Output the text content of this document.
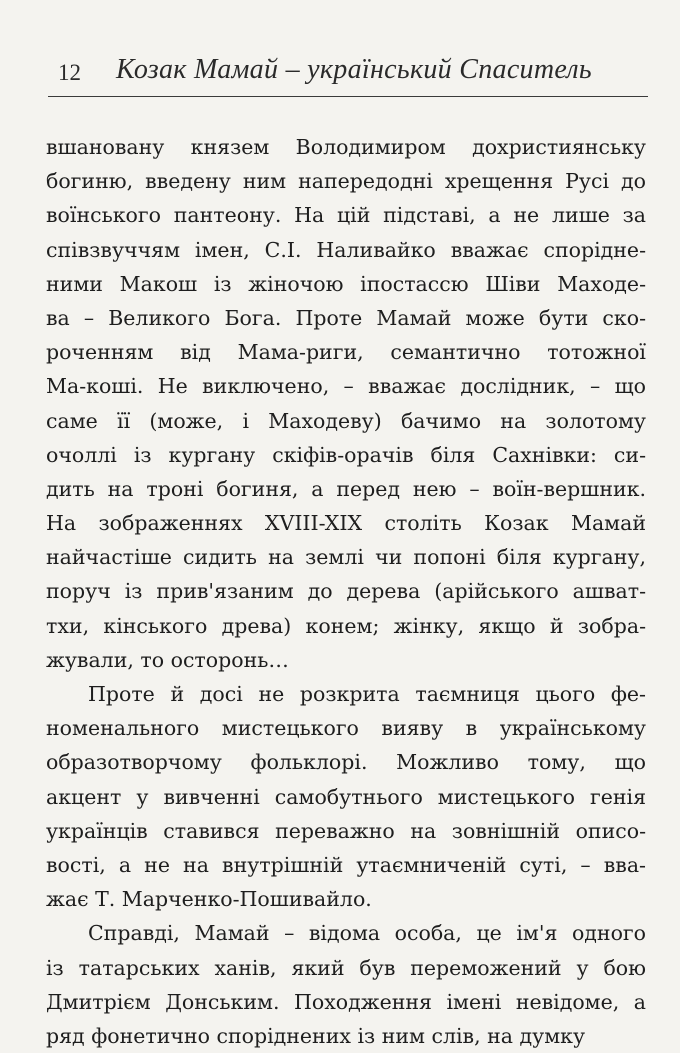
12 Козак Мамай – український Спаситель
вшановану князем Володимиром дохристиянську
богиню, введену ним напередодні хрещення Русі до
воїнського пантеону. На цій підставі, а не лише за
співзвуччям імен, С.І. Наливайко вважає спорідне-
ними Макош із жіночою іпостасcю Шіви Маходе-
ва – Великого Бога. Проте Мамай може бути ско-
роченням від Мама-риги, семантично тотожної
Ма-коші. Не виключено, – вважає дослідник, – що
саме її (може, і Маходеву) бачимо на золотому
очоллі із кургану скіфів-орачів біля Сахнівки: си-
дить на троні богиня, а перед нею – воїн-вершник.
На зображеннях XVIII-XIX століть Козак Мамай
найчастіше сидить на землі чи попоні біля кургану,
поруч із прив'язаним до дерева (арійського ашват-
тхи, кінського древа) конем; жінку, якщо й зобра-
жували, то осторонь…
Проте й досі не розкрита таємниця цього фе-
номенального мистецького вияву в українському
образотворчому фольклорі. Можливо тому, що
акцент у вивченні самобутнього мистецького генія
українців ставився переважно на зовнішній описо-
вості, а не на внутрішній утаємниченій суті, – вва-
жає Т. Марченко-Пошивайло.
Справді, Мамай – відома особа, це ім'я одного
із татарських ханів, який був переможений у бою
Дмитрієм Донським. Походження імені невідоме, а
ряд фонетично споріднених із ним слів, на думку
